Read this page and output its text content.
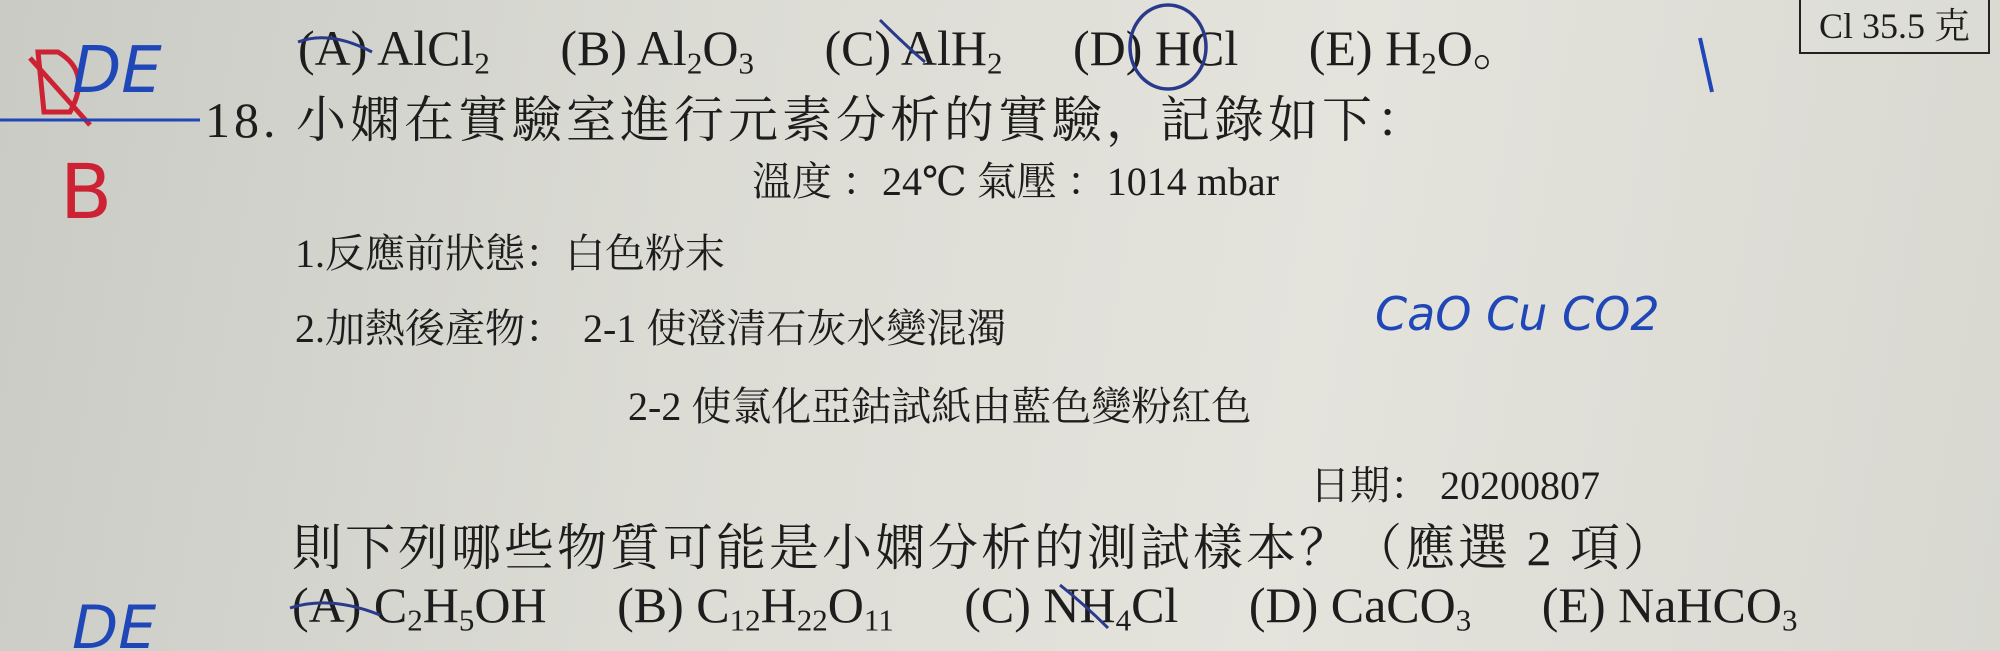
(A) AlCl$_2$ (B) $Al_2O_3$ (C) AlH$_2$ (D) HCl (E) $H_2O$。	Cl 35.5 克
18. 小嫻在實驗室進行元素分析的實驗，記錄如下：
溫度 ：24℃ 氣壓 ：1014 mbar
1.反應前狀態：白色粉末
2.加熱後產物： 2-1 使澄清石灰水變混濁
2-2 使氯化亞鈷試紙由藍色變粉紅色
日期： 20200807
則下列哪些物質可能是小嫻分析的測試樣本？（應選 2 項）
(A) $C_2H_5OH$ (B) $C_{12}H_{22}O_{11}$ (C) $NH_4Cl$ (D) CaCO$_3$ (E) NaHCO$_3$
B
DE
DE
CaO Cu CO2
